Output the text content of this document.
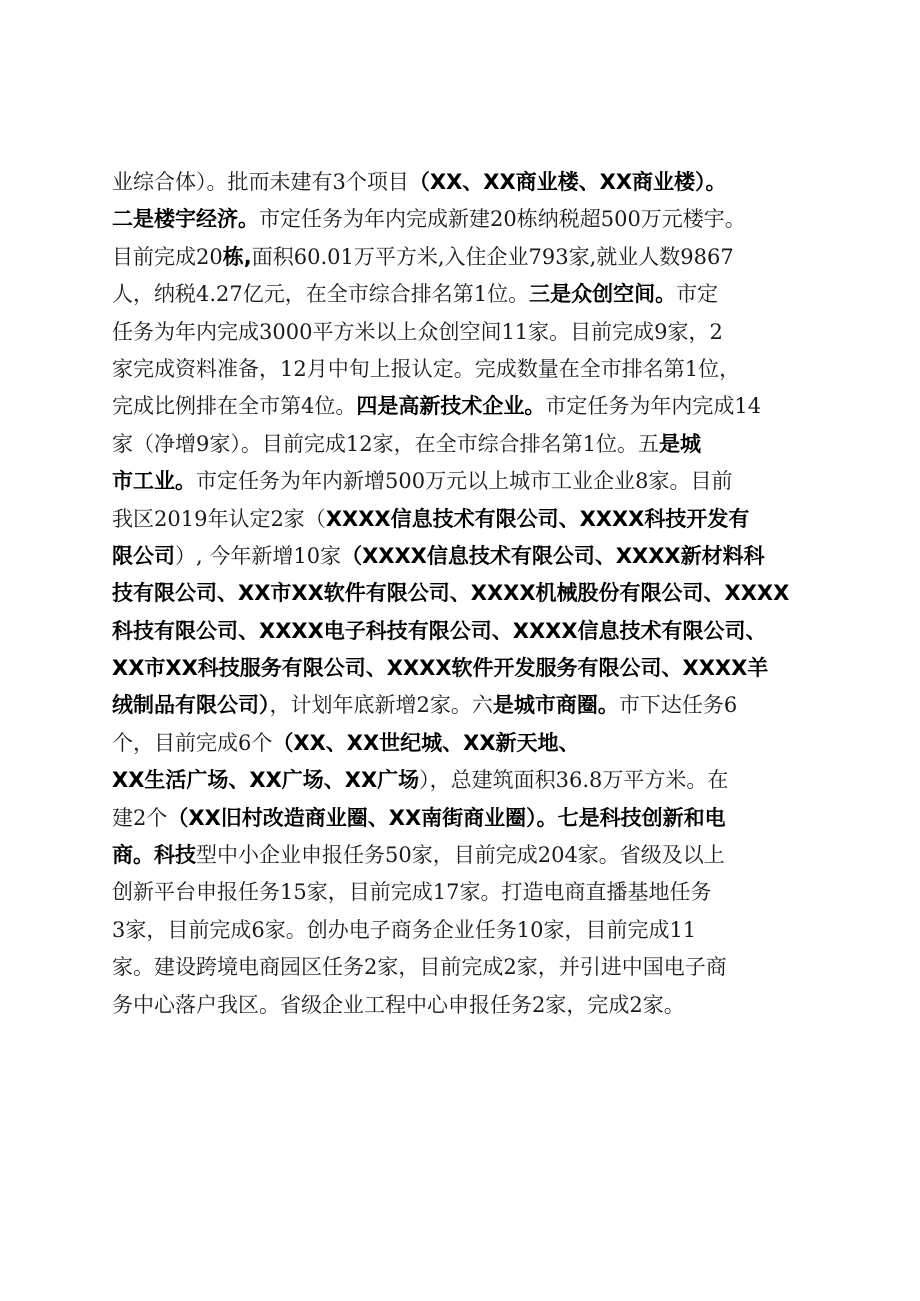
业综合体）。批而未建有3个项目（XX、XX商业楼、XX商业楼）。
二是楼宇经济。市定任务为年内完成新建20栋纳税超500万元楼宇。
目前完成20栋,面积60.01万平方米,入住企业793家,就业人数9867
人，纳税4.27亿元，在全市综合排名第1位。三是众创空间。市定
任务为年内完成3000平方米以上众创空间11家。目前完成9家，2
家完成资料准备，12月中旬上报认定。完成数量在全市排名第1位，
完成比例排在全市第4位。四是高新技术企业。市定任务为年内完成14
家（净增9家）。目前完成12家，在全市综合排名第1位。五是城
市工业。市定任务为年内新增500万元以上城市工业企业8家。目前
我区2019年认定2家（XXXX信息技术有限公司、XXXX科技开发有
限公司）, 今年新增10家（XXXX信息技术有限公司、XXXX新材料科
技有限公司、XX市XX软件有限公司、XXXX机械股份有限公司、XXXX
科技有限公司、XXXX电子科技有限公司、XXXX信息技术有限公司、
XX市XX科技服务有限公司、XXXX软件开发服务有限公司、XXXX羊
绒制品有限公司），计划年底新增2家。六是城市商圈。市下达任务6
个，目前完成6个（XX、XX世纪城、XX新天地、
XX生活广场、XX广场、XX广场），总建筑面积36.8万平方米。在
建2个（XX旧村改造商业圈、XX南街商业圈）。七是科技创新和电
商。科技型中小企业申报任务50家，目前完成204家。省级及以上
创新平台申报任务15家，目前完成17家。打造电商直播基地任务
3家，目前完成6家。创办电子商务企业任务10家，目前完成11
家。建设跨境电商园区任务2家，目前完成2家，并引进中国电子商
务中心落户我区。省级企业工程中心申报任务2家，完成2家。
